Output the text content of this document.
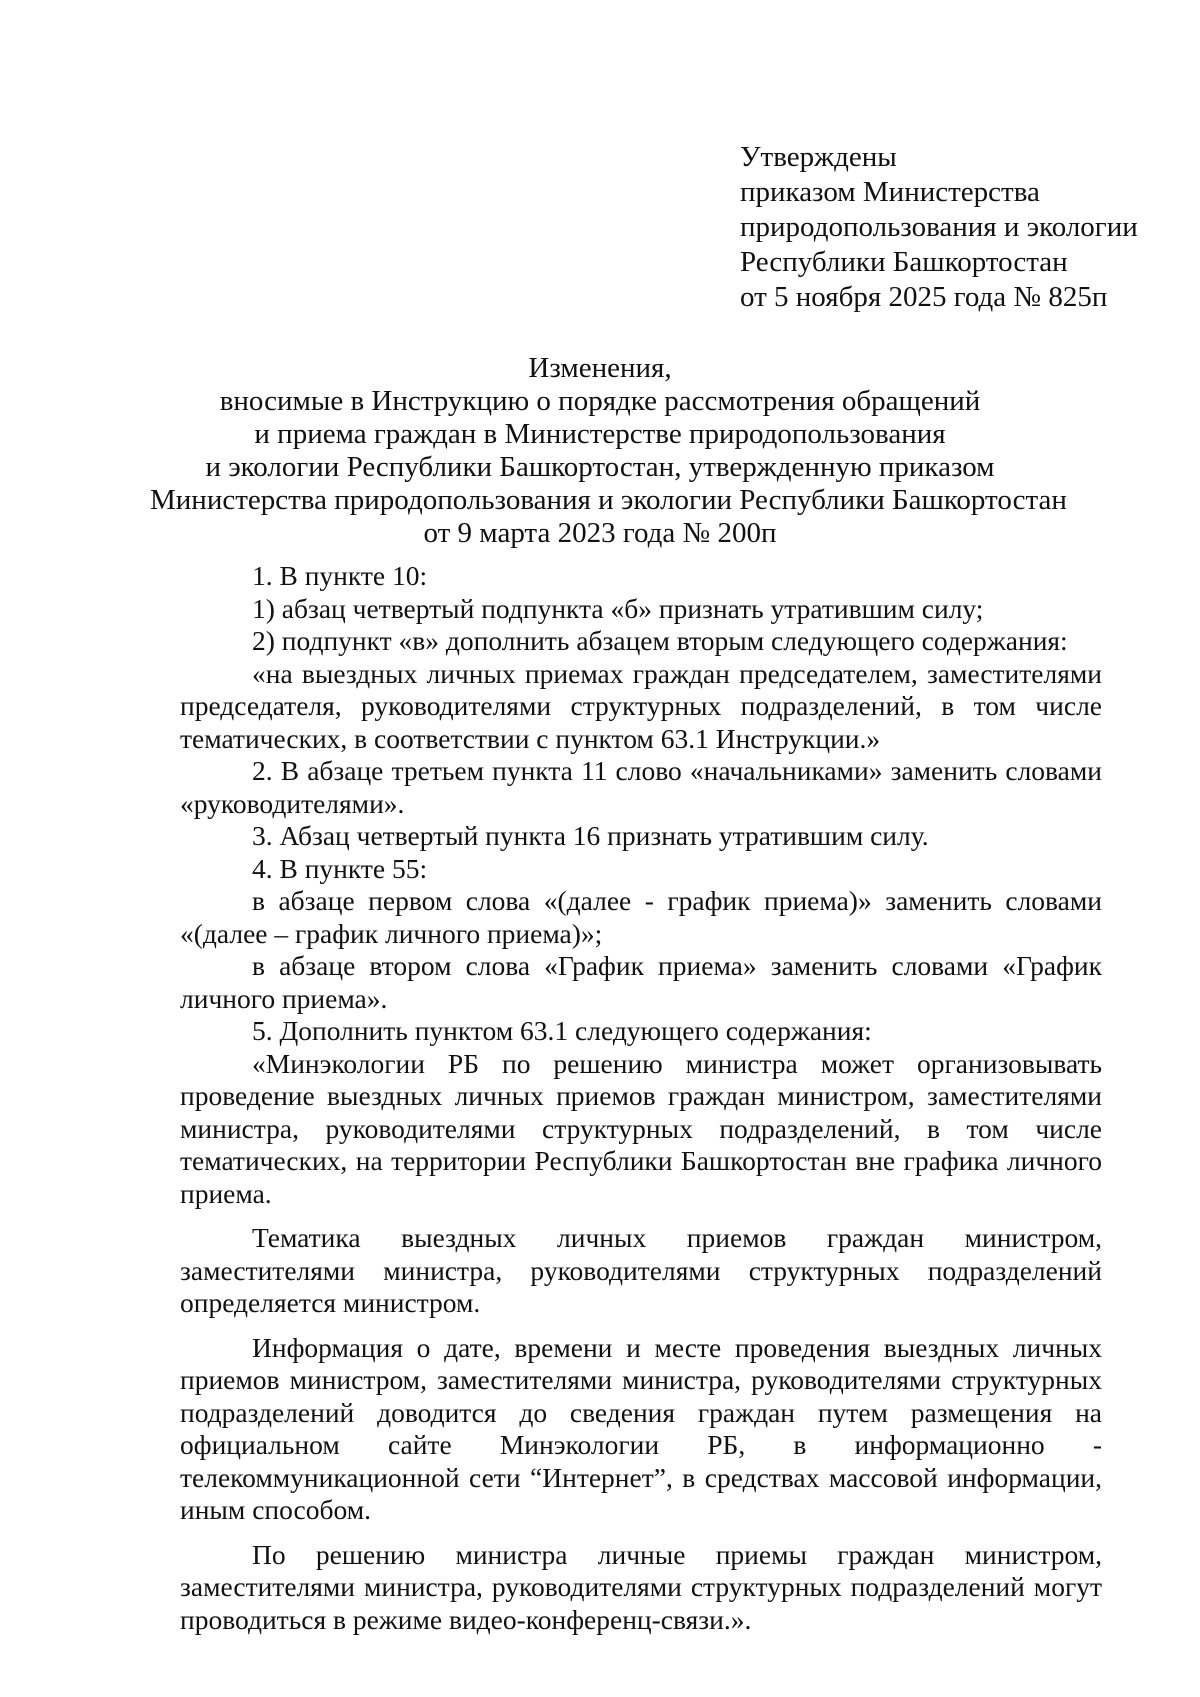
Утверждены
приказом Министерства
природопользования и экологии
Республики Башкортостан
от 5 ноября 2025 года № 825п
Изменения,
вносимые в Инструкцию о порядке рассмотрения обращений
и приема граждан в Министерстве природопользования
и экологии Республики Башкортостан, утвержденную приказом
Министерства природопользования и экологии Республики Башкортостан
от 9 марта 2023 года № 200п

1. В пункте 10:

1) абзац четвертый подпункта «б» признать утратившим силу;

2) подпункт «в» дополнить абзацем вторым следующего содержания:

«на выездных личных приемах граждан председателем, заместителями председателя, руководителями структурных подразделений, в том числе тематических, в соответствии с пунктом 63.1 Инструкции.»

2. В абзаце третьем пункта 11 слово «начальниками» заменить словами «руководителями».

3. Абзац четвертый пункта 16 признать утратившим силу.

4. В пункте 55:

в абзаце первом слова «(далее - график приема)» заменить словами «(далее – график личного приема)»;

в абзаце втором слова «График приема» заменить словами «График личного приема».

5. Дополнить пунктом 63.1 следующего содержания:

«Минэкологии РБ по решению министра может организовывать проведение выездных личных приемов граждан министром, заместителями министра, руководителями структурных подразделений, в том числе тематических, на территории Республики Башкортостан вне графика личного приема.

Тематика выездных личных приемов граждан министром, заместителями министра, руководителями структурных подразделений определяется министром.

Информация о дате, времени и месте проведения выездных личных приемов министром, заместителями министра, руководителями структурных подразделений доводится до сведения граждан путем размещения на официальном сайте Минэкологии РБ, в информационно - телекоммуникационной сети “Интернет”, в средствах массовой информации, иным способом.

По решению министра личные приемы граждан министром, заместителями министра, руководителями структурных подразделений могут проводиться в режиме видео-конференц-связи.».
